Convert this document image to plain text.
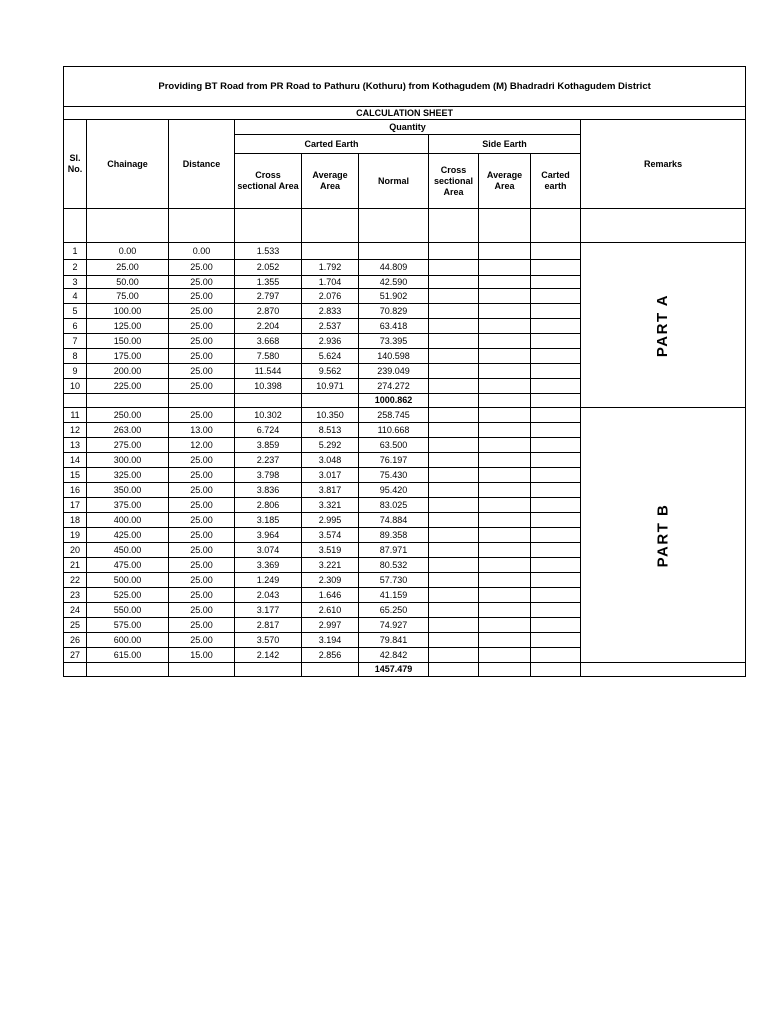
Providing BT Road from PR Road to Pathuru (Kothuru) from Kothagudem (M) Bhadradri Kothagudem District									
CALCULATION SHEET									
Sl. No.	Chainage	Distance	Quantity						Remarks
			Carted Earth			Side Earth			
			Cross sectional Area	Average Area	Normal	Cross sectional Area	Average Area	Carted earth	

1	0.00	0.00	1.533						PART A
2	25.00	25.00	2.052	1.792	44.809				
3	50.00	25.00	1.355	1.704	42.590				
4	75.00	25.00	2.797	2.076	51.902				
5	100.00	25.00	2.870	2.833	70.829				
6	125.00	25.00	2.204	2.537	63.418				
7	150.00	25.00	3.668	2.936	73.395				
8	175.00	25.00	7.580	5.624	140.598				
9	200.00	25.00	11.544	9.562	239.049				
10	225.00	25.00	10.398	10.971	274.272				
					1000.862				
11	250.00	25.00	10.302	10.350	258.745				PART B
12	263.00	13.00	6.724	8.513	110.668				
13	275.00	12.00	3.859	5.292	63.500				
14	300.00	25.00	2.237	3.048	76.197				
15	325.00	25.00	3.798	3.017	75.430				
16	350.00	25.00	3.836	3.817	95.420				
17	375.00	25.00	2.806	3.321	83.025				
18	400.00	25.00	3.185	2.995	74.884				
19	425.00	25.00	3.964	3.574	89.358				
20	450.00	25.00	3.074	3.519	87.971				
21	475.00	25.00	3.369	3.221	80.532				
22	500.00	25.00	1.249	2.309	57.730				
23	525.00	25.00	2.043	1.646	41.159				
24	550.00	25.00	3.177	2.610	65.250				
25	575.00	25.00	2.817	2.997	74.927				
26	600.00	25.00	3.570	3.194	79.841				
27	615.00	15.00	2.142	2.856	42.842				
					1457.479				
